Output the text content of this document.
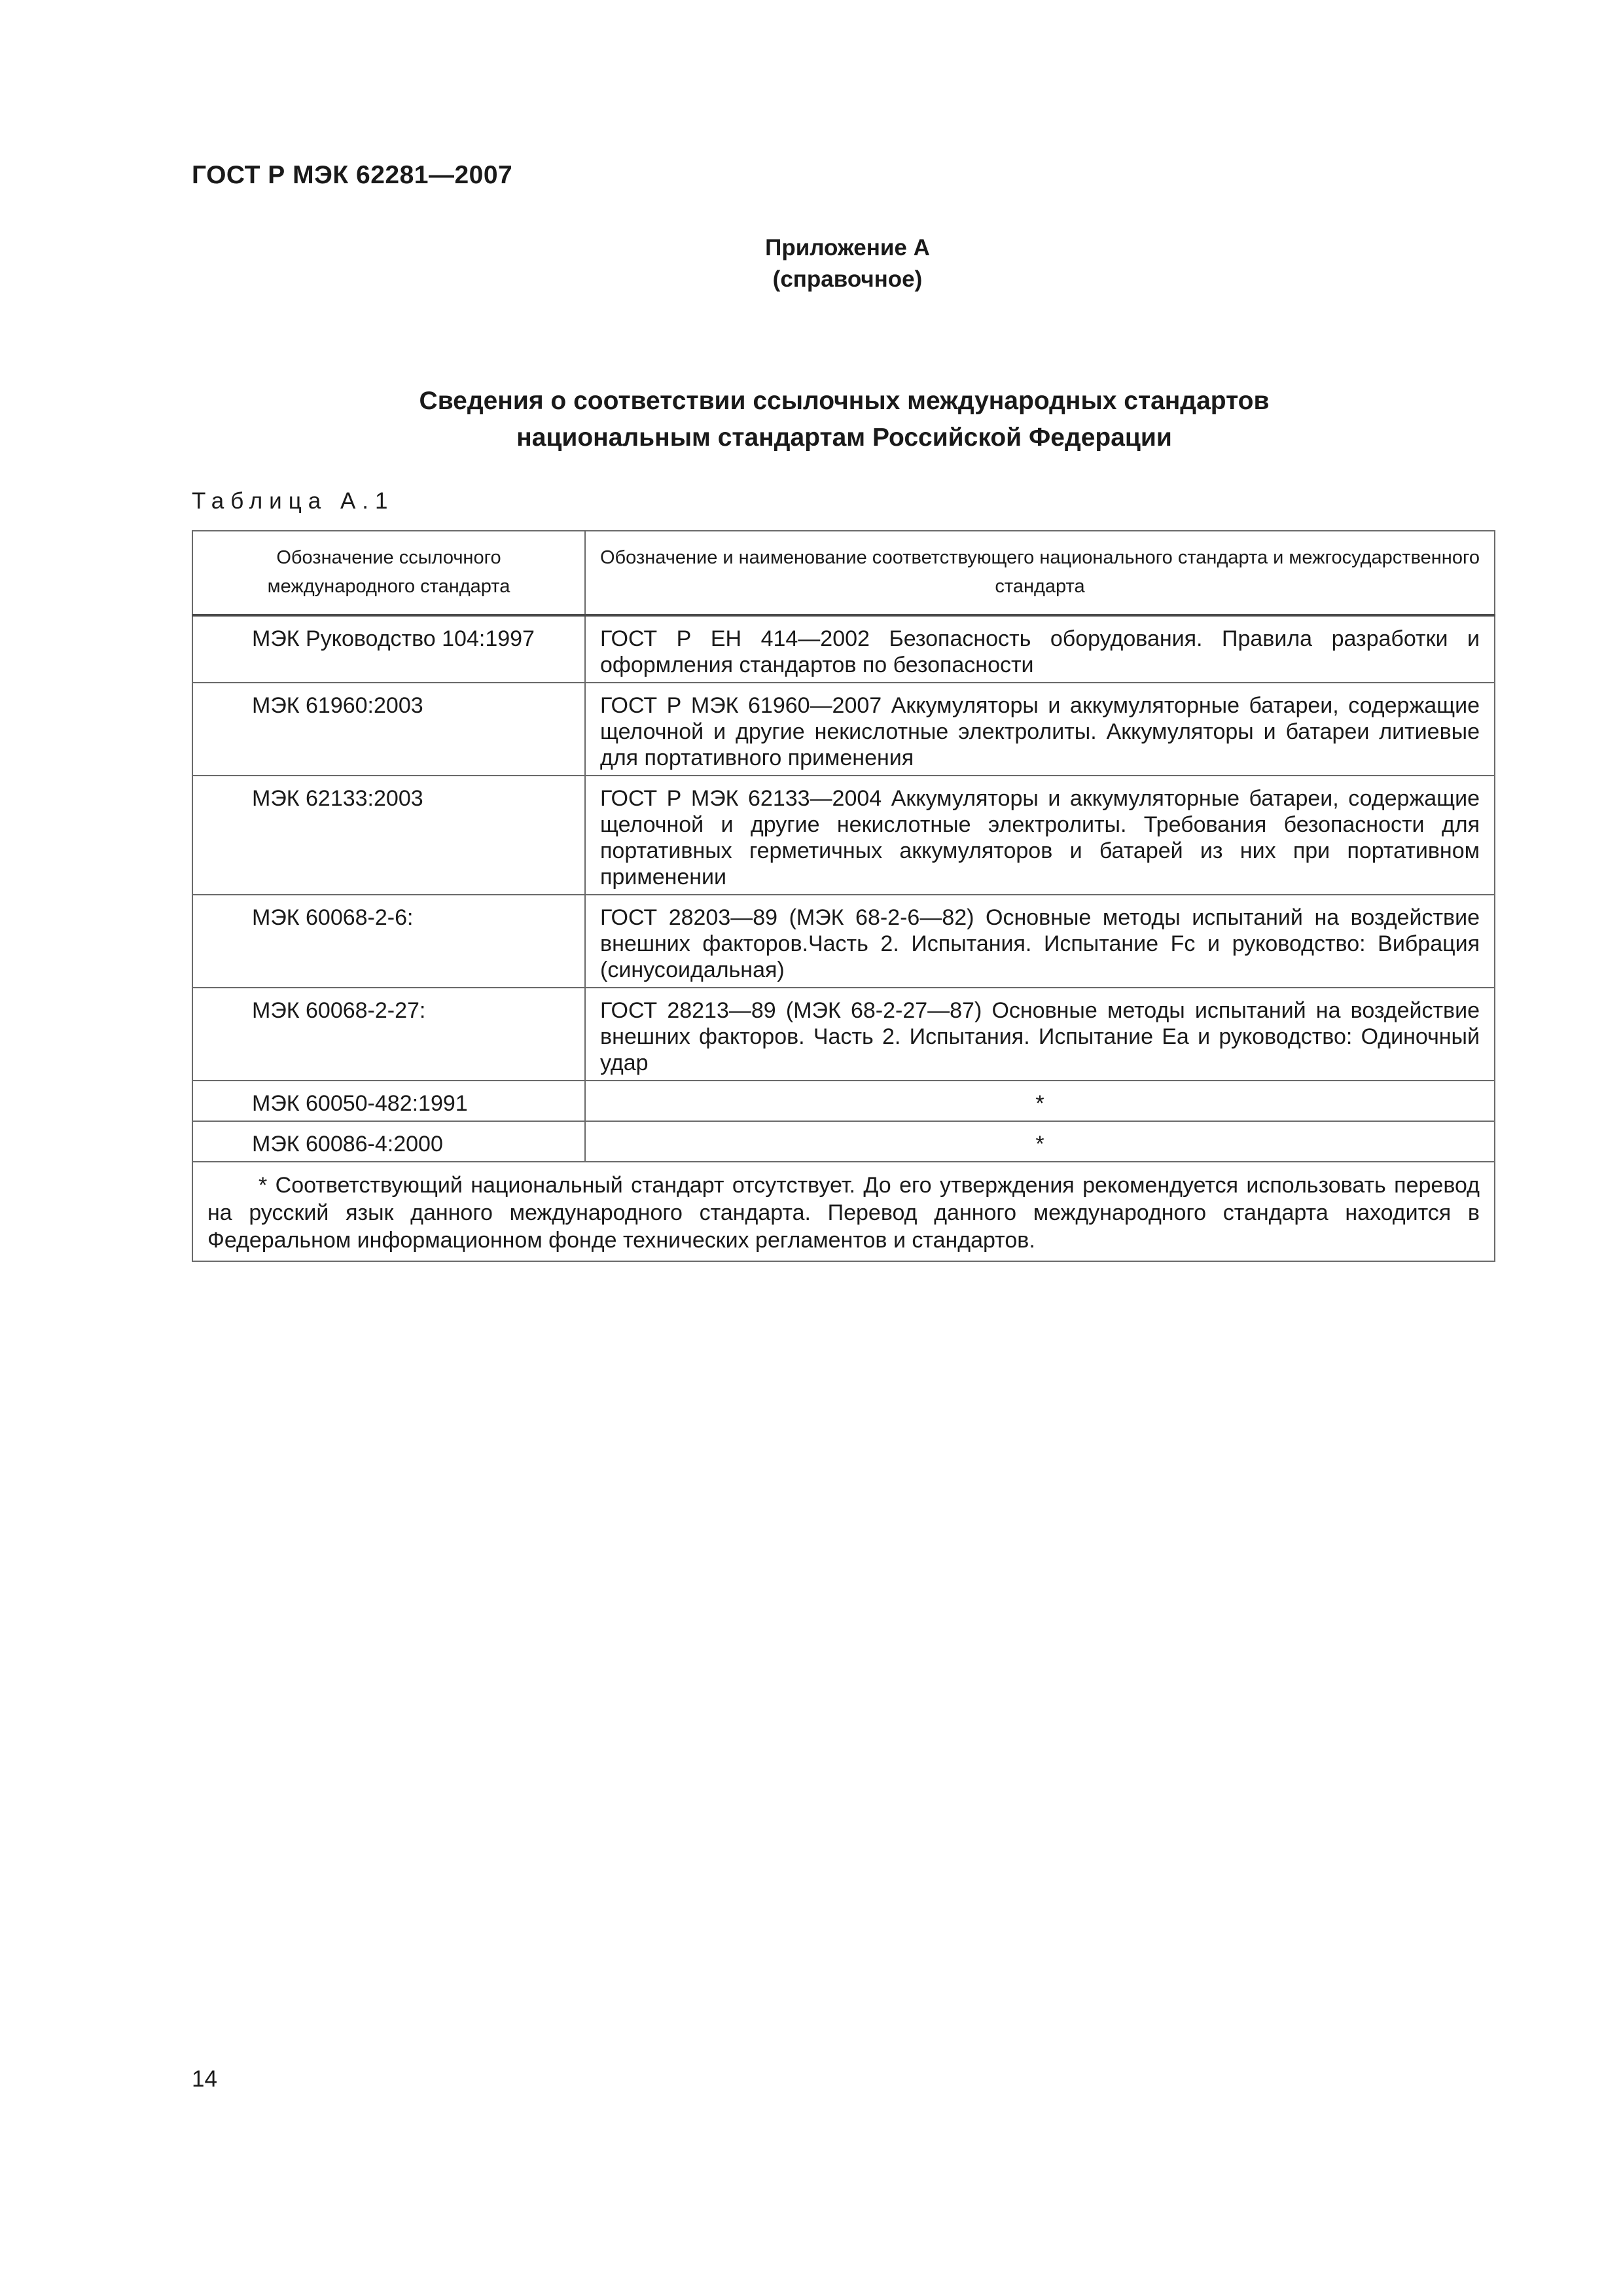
ГОСТ Р МЭК 62281—2007
Приложение А
(справочное)
Сведения о соответствии ссылочных международных стандартов
национальным стандартам Российской Федерации
Таблица А.1
Обозначение ссылочного международного стандарта	Обозначение и наименование соответствующего национального стандарта и межгосударственного стандарта
МЭК Руководство 104:1997	ГОСТ Р ЕН 414—2002 Безопасность оборудования. Правила разработки и оформления стандартов по безопасности
МЭК 61960:2003	ГОСТ Р МЭК 61960—2007 Аккумуляторы и аккумуляторные батареи, содержащие щелочной и другие некислотные электролиты. Аккумуляторы и батареи литиевые для портативного применения
МЭК 62133:2003	ГОСТ Р МЭК 62133—2004 Аккумуляторы и аккумуляторные батареи, содержащие щелочной и другие некислотные электролиты. Требования безопасности для портативных герметичных аккумуляторов и батарей из них при портативном применении
МЭК 60068-2-6:	ГОСТ 28203—89 (МЭК 68-2-6—82) Основные методы испытаний на воздействие внешних факторов.Часть 2. Испытания. Испытание Fc и руководство: Вибрация (синусоидальная)
МЭК 60068-2-27:	ГОСТ 28213—89 (МЭК 68-2-27—87) Основные методы испытаний на воздействие внешних факторов. Часть 2. Испытания. Испытание Ea и руководство: Одиночный удар
МЭК 60050-482:1991	*
МЭК 60086-4:2000	*
* Соответствующий национальный стандарт отсутствует. До его утверждения рекомендуется использовать перевод на русский язык данного международного стандарта. Перевод данного международного стандарта находится в Федеральном информационном фонде технических регламентов и стандартов.	
14
